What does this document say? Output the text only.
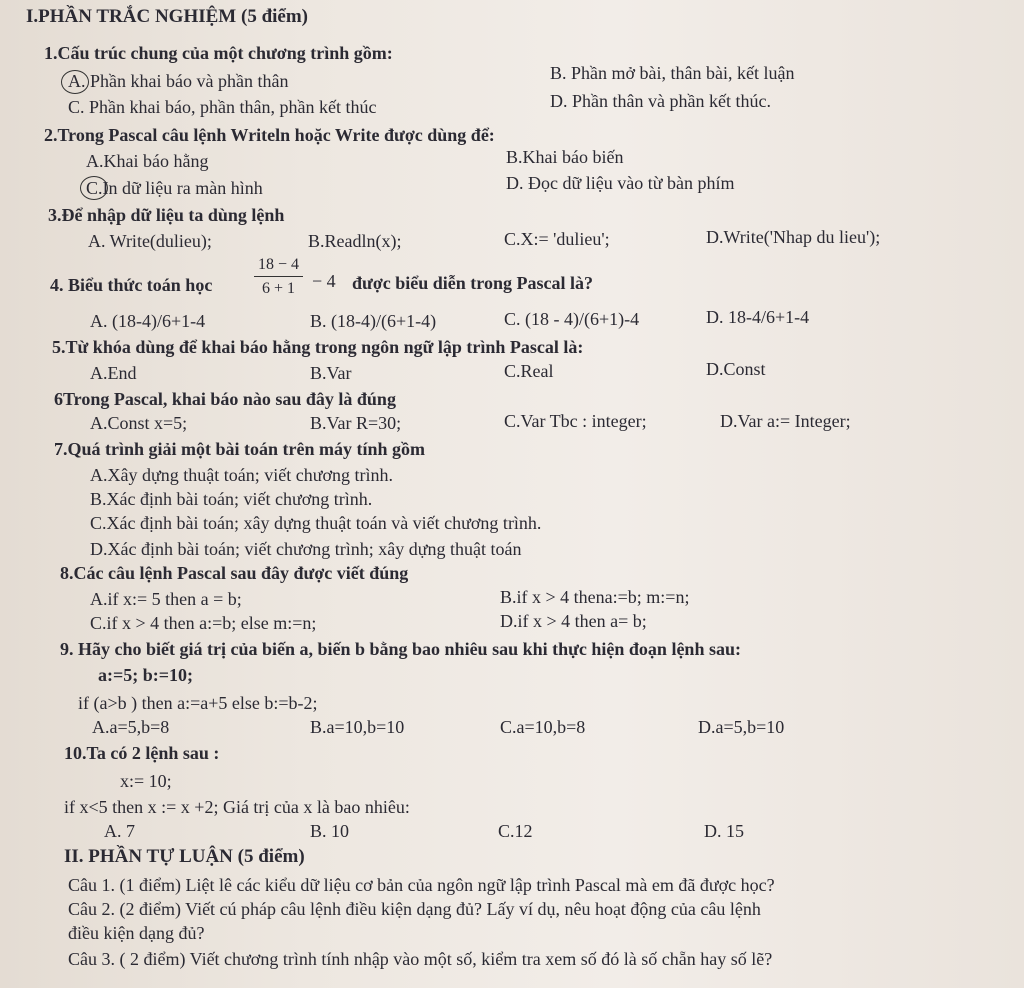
I.PHẦN TRẮC NGHIỆM (5 điểm)
1.Cấu trúc chung của một chương trình gồm:
A. Phần khai báo và phần thân	B. Phần mở bài, thân bài, kết luận
C. Phần khai báo, phần thân, phần kết thúc	D. Phần thân và phần kết thúc.
2.Trong Pascal câu lệnh Writeln hoặc Write được dùng để:
A.Khai báo hằng	B.Khai báo biến
C.In dữ liệu ra màn hình	D. Đọc dữ liệu vào từ bàn phím
3.Để nhập dữ liệu ta dùng lệnh
A. Write(dulieu);	B.Readln(x);	C.X:= 'dulieu';	D.Write('Nhap du lieu');
4. Biểu thức toán học	$\frac{18 - 4}{6 + 1} - 4$ được biểu diễn trong Pascal là?
A. (18-4)/6+1-4	B. (18-4)/(6+1-4)	C. (18 - 4)/(6+1)-4	D. 18-4/6+1-4
5.Từ khóa dùng để khai báo hằng trong ngôn ngữ lập trình Pascal là:
A.End	B.Var	C.Real	D.Const
6Trong Pascal, khai báo nào sau đây là đúng
A.Const x=5;	B.Var R=30;	C.Var Tbc : integer;	D.Var a:= Integer;
7.Quá trình giải một bài toán trên máy tính gồm
A.Xây dựng thuật toán; viết chương trình.
B.Xác định bài toán; viết chương trình.
C.Xác định bài toán; xây dựng thuật toán và viết chương trình.
D.Xác định bài toán; viết chương trình; xây dựng thuật toán
8.Các câu lệnh Pascal sau đây được viết đúng
A.if x:= 5 then a = b;	B.if x > 4 thena:=b; m:=n;
C.if x > 4 then a:=b; else m:=n;	D.if x > 4 then a= b;
9. Hãy cho biết giá trị của biến a, biến b bằng bao nhiêu sau khi thực hiện đoạn lệnh sau:
a:=5; b:=10;
if (a>b ) then a:=a+5 else b:=b-2;
A.a=5,b=8	B.a=10,b=10	C.a=10,b=8	D.a=5,b=10
10.Ta có 2 lệnh sau :
x:= 10;
if x<5 then x := x +2; Giá trị của x là bao nhiêu:
A. 7	B. 10	C.12	D. 15
II. PHẦN TỰ LUẬN (5 điểm)
Câu 1. (1 điểm) Liệt lê các kiểu dữ liệu cơ bản của ngôn ngữ lập trình Pascal mà em đã được học?
Câu 2. (2 điểm) Viết cú pháp câu lệnh điều kiện dạng đủ? Lấy ví dụ, nêu hoạt động của câu lệnh
điều kiện dạng đủ?
Câu 3. ( 2 điểm) Viết chương trình tính nhập vào một số, kiểm tra xem số đó là số chẵn hay số lẽ?
